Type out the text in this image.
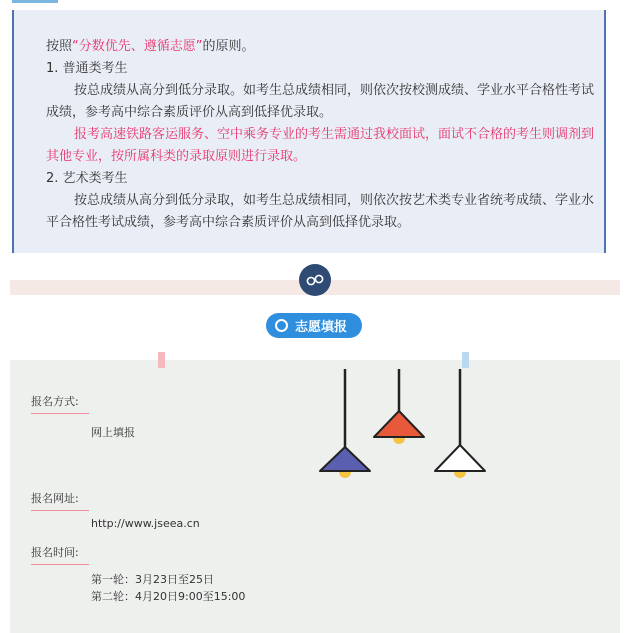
按照“分数优先、遵循志愿”的原则。

1. 普通类考生

按总成绩从高分到低分录取。如考生总成绩相同，则依次按校测成绩、学业水平合格性考试成绩，参考高中综合素质评价从高到低择优录取。

报考高速铁路客运服务、空中乘务专业的考生需通过我校面试，面试不合格的考生则调剂到其他专业，按所属科类的录取原则进行录取。

2. 艺术类考生

按总成绩从高分到低分录取，如考生总成绩相同，则依次按艺术类专业省统考成绩、学业水平合格性考试成绩，参考高中综合素质评价从高到低择优录取。

志愿填报
报名方式:
网上填报
报名网址:
http://www.jseea.cn
报名时间:
第一轮：3月23日至25日
第二轮：4月20日9:00至15:00
